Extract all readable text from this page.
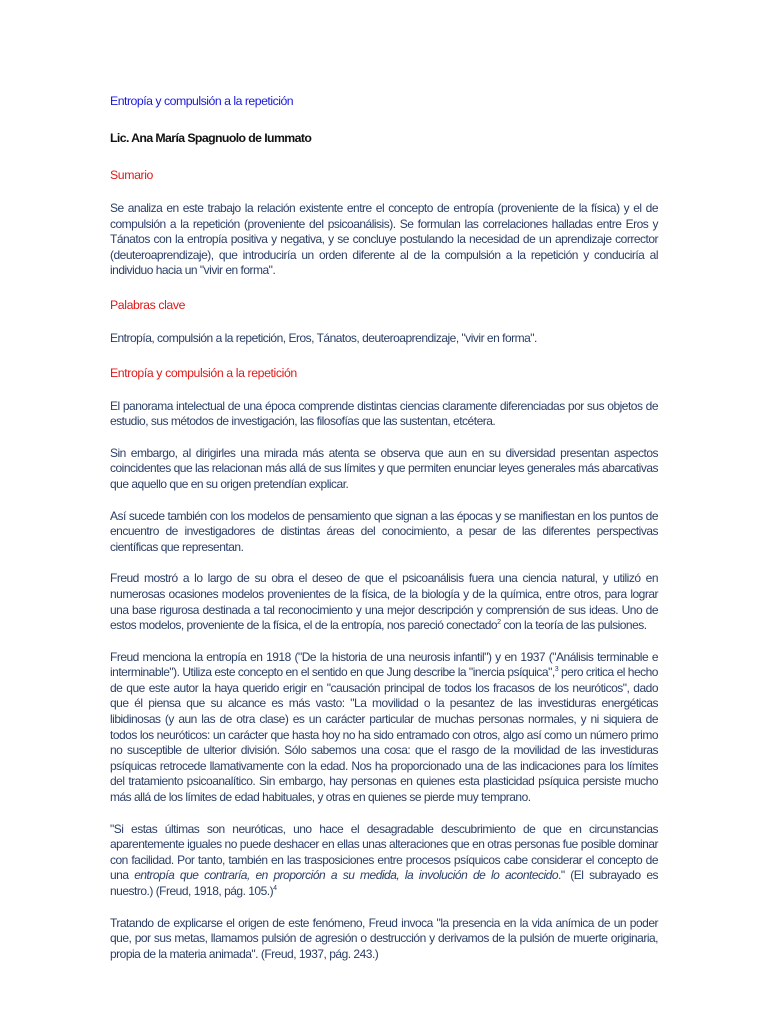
Entropía y compulsión a la repetición
Lic. Ana María Spagnuolo de Iummato
Sumario

Se analiza en este trabajo la relación existente entre el concepto de entropía (proveniente de la física) y el de compulsión a la repetición (proveniente del psicoanálisis). Se formulan las correlaciones halladas entre Eros y Tánatos con la entropía positiva y negativa, y se concluye postulando la necesidad de un aprendizaje corrector (deuteroaprendizaje), que introduciría un orden diferente al de la compulsión a la repetición y conduciría al individuo hacia un "vivir en forma".

Palabras clave

Entropía, compulsión a la repetición, Eros, Tánatos, deuteroaprendizaje, "vivir en forma".

Entropía y compulsión a la repetición

El panorama intelectual de una época comprende distintas ciencias claramente diferenciadas por sus objetos de estudio, sus métodos de investigación, las filosofías que las sustentan, etcétera.

Sin embargo, al dirigirles una mirada más atenta se observa que aun en su diversidad presentan aspectos coincidentes que las relacionan más allá de sus límites y que permiten enunciar leyes generales más abarcativas que aquello que en su origen pretendían explicar.

Así sucede también con los modelos de pensamiento que signan a las épocas y se manifiestan en los puntos de encuentro de investigadores de distintas áreas del conocimiento, a pesar de las diferentes perspectivas científicas que representan.

Freud mostró a lo largo de su obra el deseo de que el psicoanálisis fuera una ciencia natural, y utilizó en numerosas ocasiones modelos provenientes de la física, de la biología y de la química, entre otros, para lograr una base rigurosa destinada a tal reconocimiento y una mejor descripción y comprensión de sus ideas. Uno de estos modelos, proveniente de la física, el de la entropía, nos pareció conectado$^2$ con la teoría de las pulsiones.

Freud menciona la entropía en 1918 ("De la historia de una neurosis infantil") y en 1937 ("Análisis terminable e interminable"). Utiliza este concepto en el sentido en que Jung describe la "inercia psíquica",$^3$ pero critica el hecho de que este autor la haya querido erigir en "causación principal de todos los fracasos de los neuróticos", dado que él piensa que su alcance es más vasto: "La movilidad o la pesantez de las investiduras energéticas libidinosas (y aun las de otra clase) es un carácter particular de muchas personas normales, y ni siquiera de todos los neuróticos: un carácter que hasta hoy no ha sido entramado con otros, algo así como un número primo no susceptible de ulterior división. Sólo sabemos una cosa: que el rasgo de la movilidad de las investiduras psíquicas retrocede llamativamente con la edad. Nos ha proporcionado una de las indicaciones para los límites del tratamiento psicoanalítico. Sin embargo, hay personas en quienes esta plasticidad psíquica persiste mucho más allá de los límites de edad habituales, y otras en quienes se pierde muy temprano.

"Si estas últimas son neuróticas, uno hace el desagradable descubrimiento de que en circunstancias aparentemente iguales no puede deshacer en ellas unas alteraciones que en otras personas fue posible dominar con facilidad. Por tanto, también en las trasposiciones entre procesos psíquicos cabe considerar el concepto de una entropía que contraría, en proporción a su medida, la involución de lo acontecido." (El subrayado es nuestro.) (Freud, 1918, pág. 105.)$^4$

Tratando de explicarse el origen de este fenómeno, Freud invoca "la presencia en la vida anímica de un poder que, por sus metas, llamamos pulsión de agresión o destrucción y derivamos de la pulsión de muerte originaria, propia de la materia animada". (Freud, 1937, pág. 243.)
